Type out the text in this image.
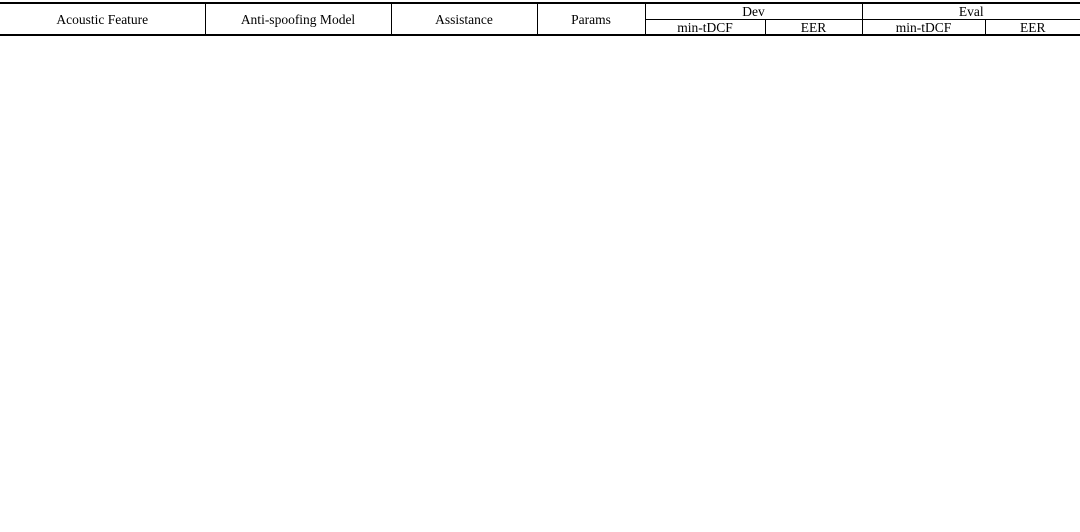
Acoustic Feature	Anti-spoofing Model	Assistance	Params	Dev		Eval	
				min-tDCF	EER	min-tDCF	EER
